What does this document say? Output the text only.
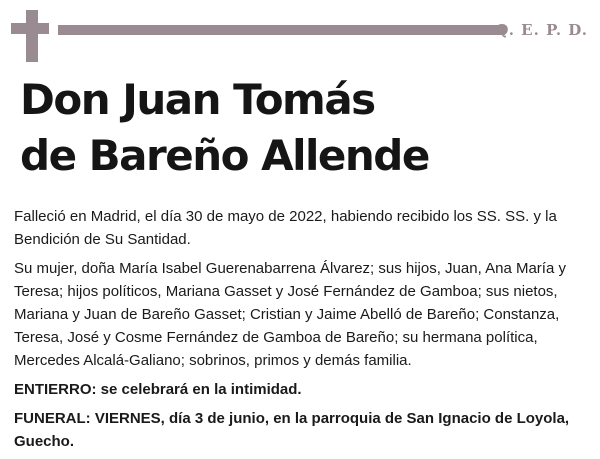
Q. E. P. D.
Don Juan Tomás
de Bareño Allende

Falleció en Madrid, el día 30 de mayo de 2022, habiendo recibido los SS. SS. y la Bendición de Su Santidad.

Su mujer, doña María Isabel Guerenabarrena Álvarez; sus hijos, Juan, Ana María y Teresa; hijos políticos, Mariana Gasset y José Fernández de Gamboa; sus nietos, Mariana y Juan de Bareño Gasset; Cristian y Jaime Abelló de Bareño; Constanza, Teresa, José y Cosme Fernández de Gamboa de Bareño; su hermana política, Mercedes Alcalá-Galiano; sobrinos, primos y demás familia.

ENTIERRO: se celebrará en la intimidad.

FUNERAL: VIERNES, día 3 de junio, en la parroquia de San Ignacio de Loyola, Guecho.
